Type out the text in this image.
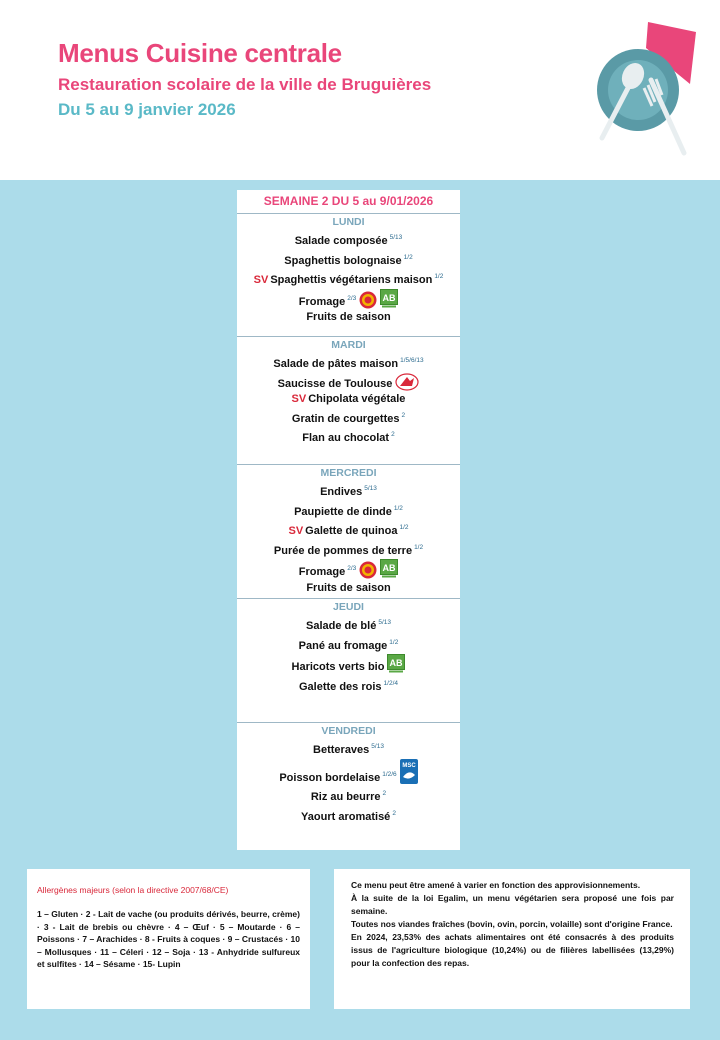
Menus Cuisine centrale
Restauration scolaire de la ville de Bruguières
Du 5 au 9 janvier 2026
SEMAINE 2 DU 5 au 9/01/2026
LUNDI
Salade composée $^{5/13}$
Spaghettis bolognaise $^{1/2}$
SV Spaghettis végétariens maison $^{1/2}$
Fromage $^{2/3}$	AB
Fruits de saison
MARDI
Salade de pâtes maison $^{1/5/6/13}$
Saucisse de Toulouse
SV Chipolata végétale
Gratin de courgettes $^2$
Flan au chocolat $^2$
MERCREDI
Endives $^{5/13}$
Paupiette de dinde $^{1/2}$
SV Galette de quinoa $^{1/2}$
Purée de pommes de terre $^{1/2}$
Fromage $^{2/3}$	AB
Fruits de saison
JEUDI
Salade de blé $^{5/13}$
Pané au fromage $^{1/2}$
Haricots verts bio AB
Galette des rois $^{1/2/4}$
VENDREDI
Betteraves $^{5/13}$
Poisson bordelaise $^{1/2/6}$
MSC
Riz au beurre $^2$
Yaourt aromatisé $^2$
Allergènes majeurs (selon la directive 2007/68/CE)
1 – Gluten · 2 - Lait de vache (ou produits dérivés, beurre, crème) · 3 - Lait de brebis ou chèvre · 4 – Œuf · 5 – Moutarde · 6 – Poissons · 7 – Arachides · 8 - Fruits à coques · 9 – Crustacés · 10 – Mollusques · 11 – Céleri · 12 – Soja · 13 - Anhydride sulfureux et sulfites · 14 – Sésame · 15- Lupin

Ce menu peut être amené à varier en fonction des approvisionnements.

À la suite de la loi Egalim, un menu végétarien sera proposé une fois par semaine.

Toutes nos viandes fraîches (bovin, ovin, porcin, volaille) sont d'origine France.

En 2024, 23,53% des achats alimentaires ont été consacrés à des produits issus de l'agriculture biologique (10,24%) ou de filières labellisées (13,29%) pour la confection des repas.
